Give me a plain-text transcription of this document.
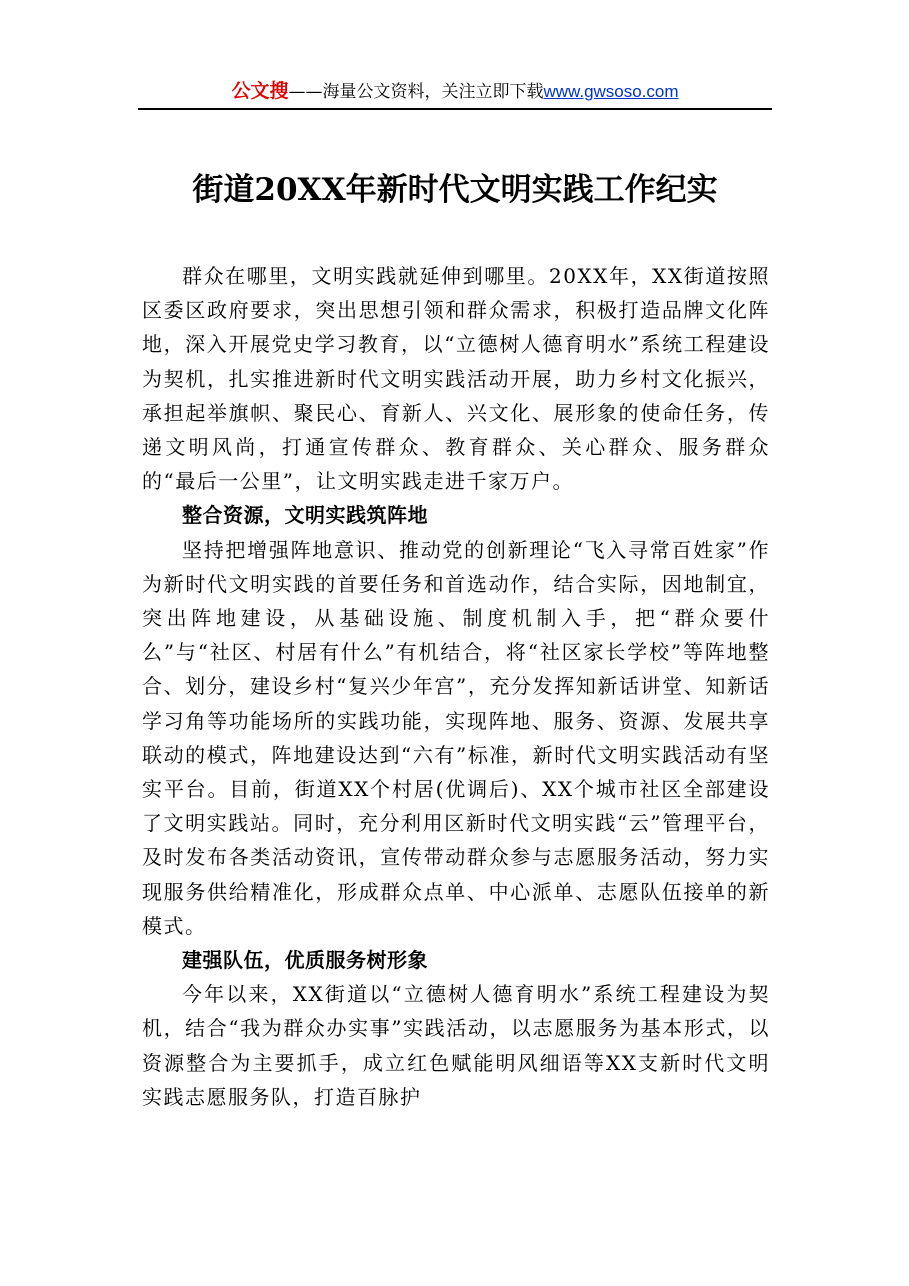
公文搜——海量公文资料，关注立即下载www.gwsoso.com
街道20XX年新时代文明实践工作纪实

群众在哪里，文明实践就延伸到哪里。20XX年，XX街道按照区委区政府要求，突出思想引领和群众需求，积极打造品牌文化阵地，深入开展党史学习教育，以“立德树人德育明水”系统工程建设为契机，扎实推进新时代文明实践活动开展，助力乡村文化振兴，承担起举旗帜、聚民心、育新人、兴文化、展形象的使命任务，传递文明风尚，打通宣传群众、教育群众、关心群众、服务群众的“最后一公里”，让文明实践走进千家万户。

整合资源，文明实践筑阵地

坚持把增强阵地意识、推动党的创新理论“飞入寻常百姓家”作为新时代文明实践的首要任务和首选动作，结合实际，因地制宜，突出阵地建设，从基础设施、制度机制入手，把“群众要什么”与“社区、村居有什么”有机结合，将“社区家长学校”等阵地整合、划分，建设乡村“复兴少年宫”，充分发挥知新话讲堂、知新话学习角等功能场所的实践功能，实现阵地、服务、资源、发展共享联动的模式，阵地建设达到“六有”标准，新时代文明实践活动有坚实平台。目前，街道XX个村居(优调后)、XX个城市社区全部建设了文明实践站。同时，充分利用区新时代文明实践“云”管理平台，及时发布各类活动资讯，宣传带动群众参与志愿服务活动，努力实现服务供给精准化，形成群众点单、中心派单、志愿队伍接单的新模式。

建强队伍，优质服务树形象

今年以来，XX街道以“立德树人德育明水”系统工程建设为契机，结合“我为群众办实事”实践活动，以志愿服务为基本形式，以资源整合为主要抓手，成立红色赋能明风细语等XX支新时代文明实践志愿服务队，打造百脉护
